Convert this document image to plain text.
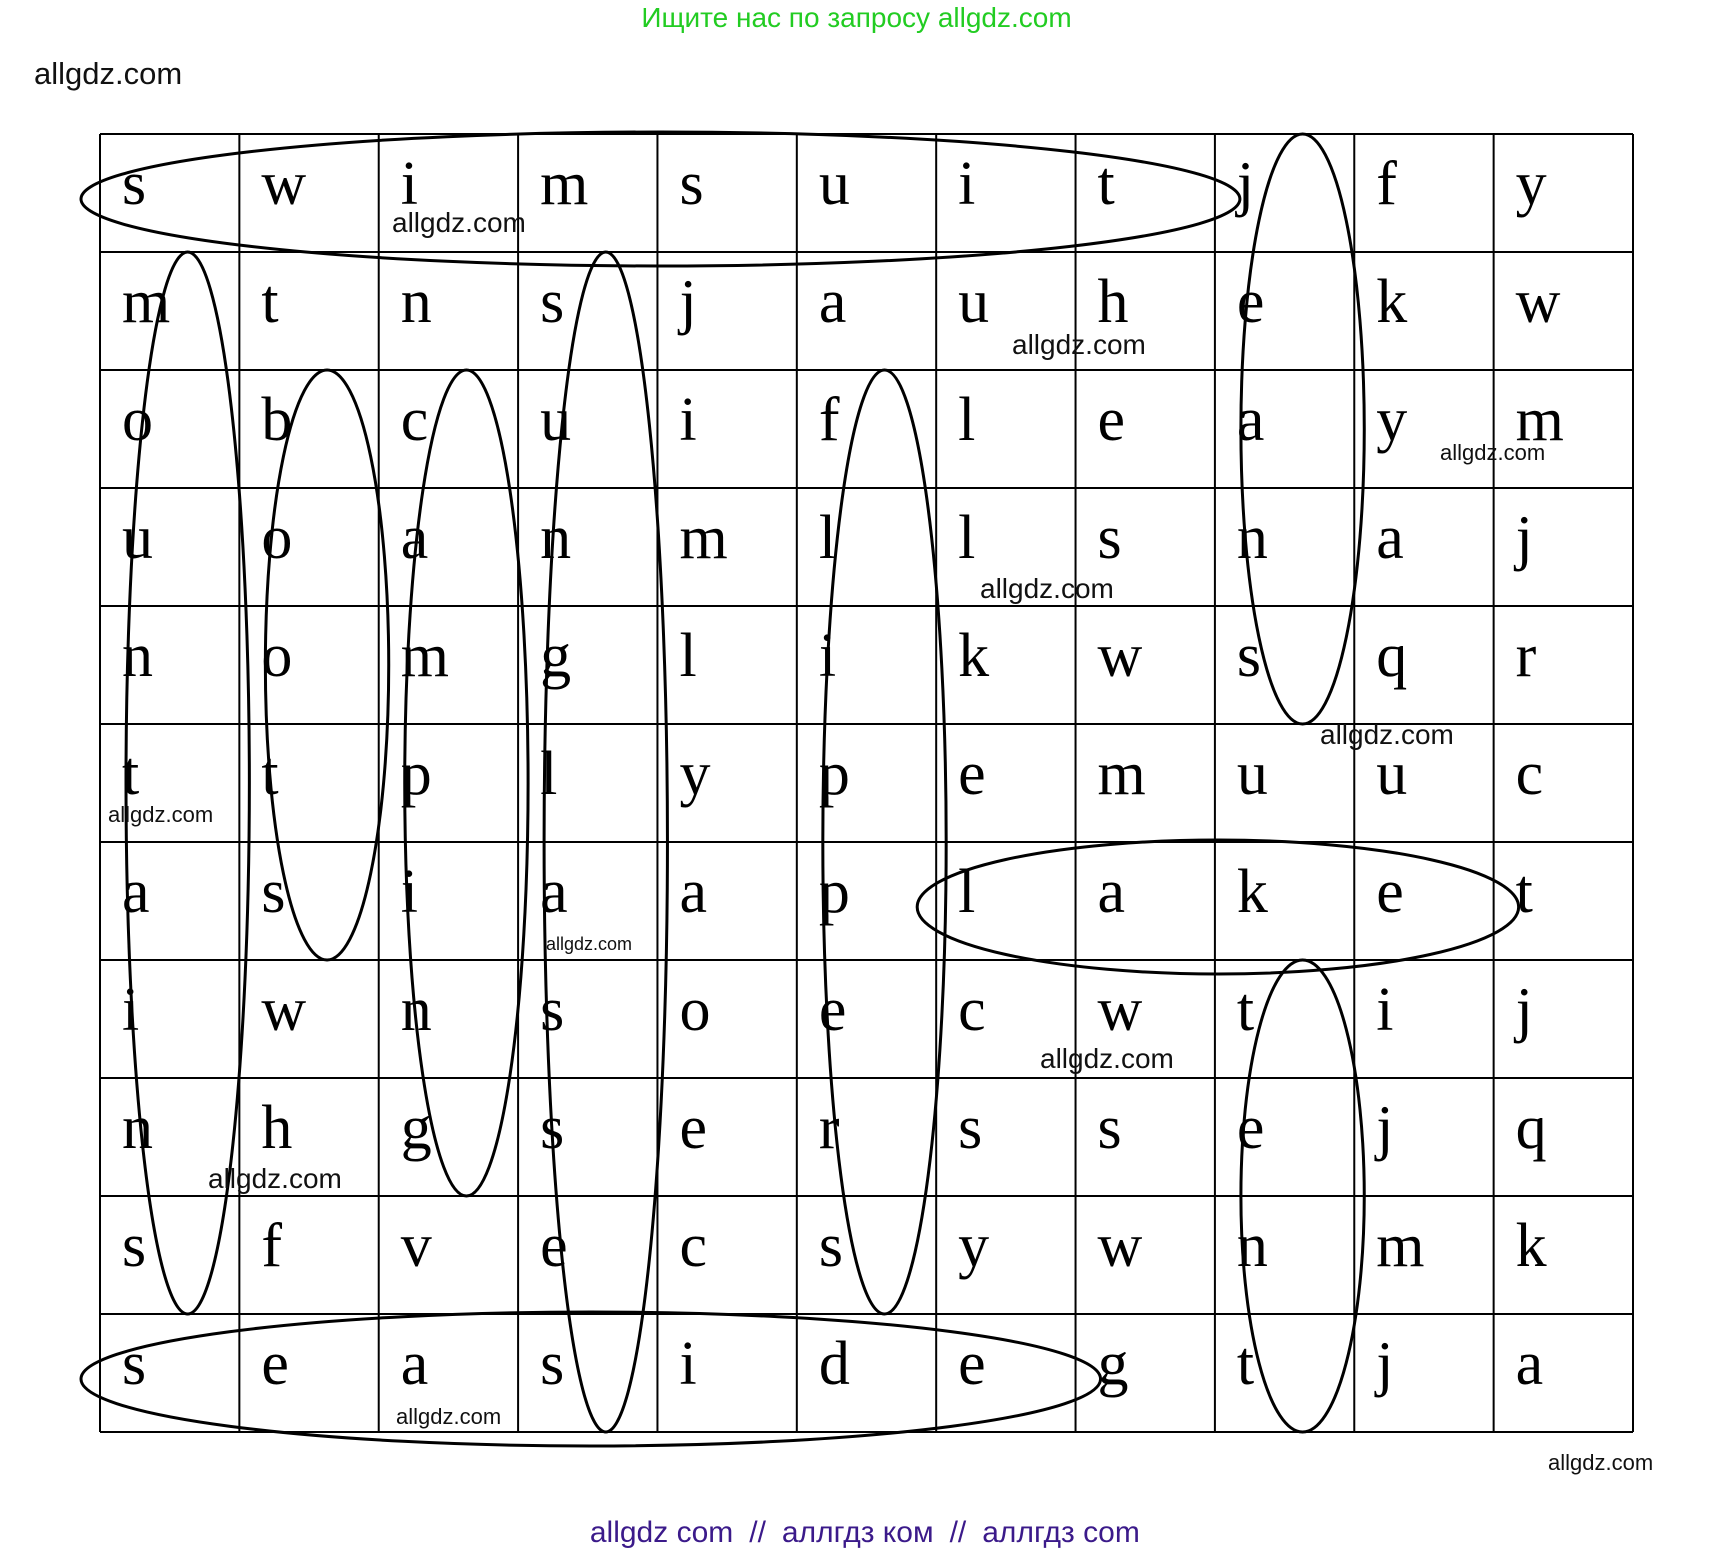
Ищите нас по запросу allgdz.com
allgdz.com
s w i m s u i t j f y
m t n s j a u h e k w
o b c u i f l e a y m
u o a n m l l s n a j
n o m g l i k w s q r
t t p l y p e m u u c
a s i a a p l a k e t
i w n s o e c w t i j
n h g s e r s s e j q
s f v e c s y w n m k
s e a s i d e g t j a
allgdz.com
allgdz.com
allgdz.com
allgdz.com
allgdz.com
allgdz.com
allgdz.com
allgdz.com
allgdz.com
allgdz.com
allgdz.com

allgdz com // аллгдз ком // аллгдз com
